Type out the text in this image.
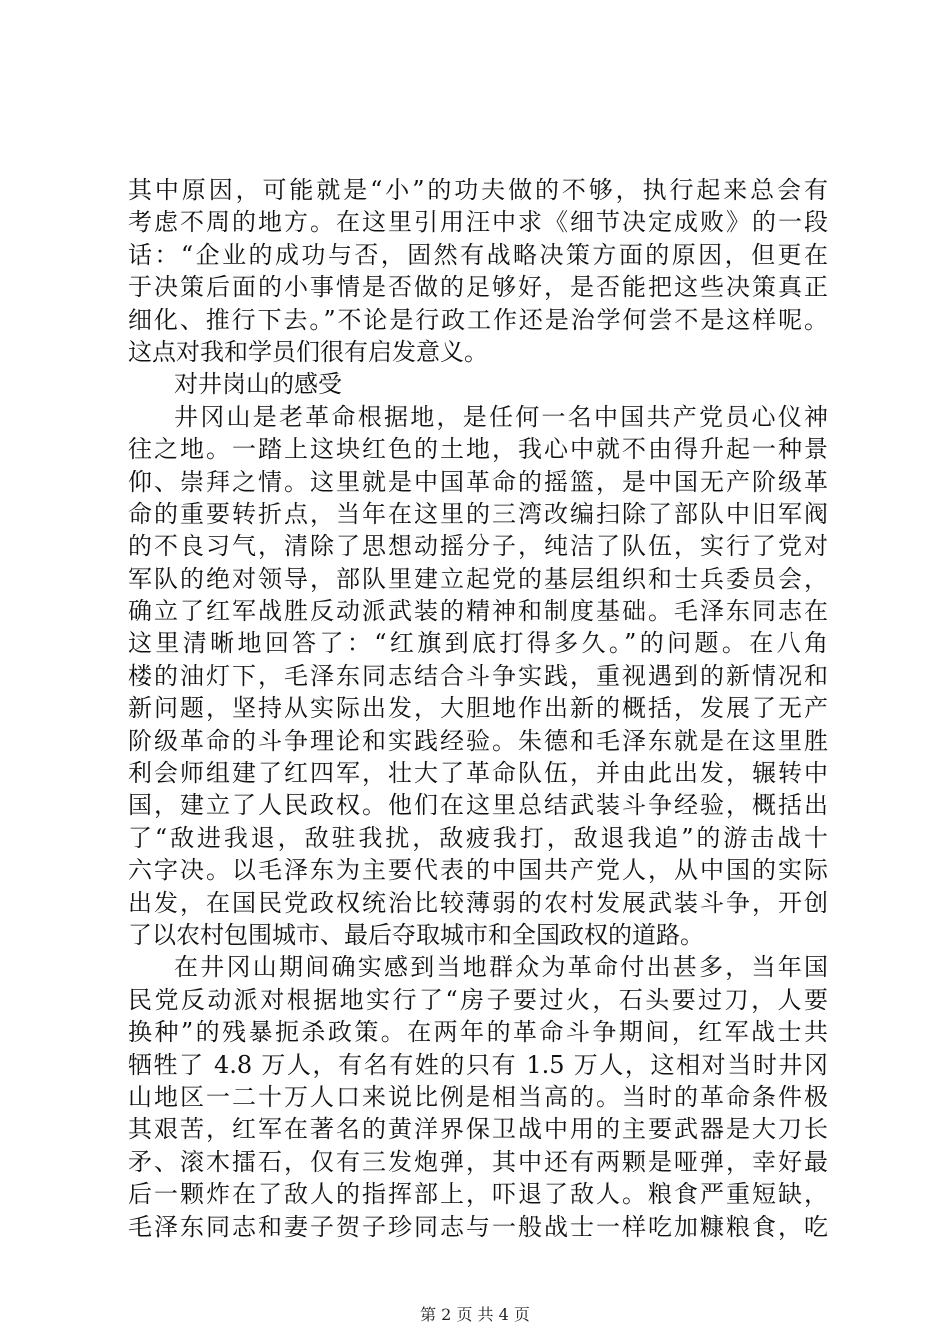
其中原因，可能就是“小”的功夫做的不够，执行起来总会有
考虑不周的地方。在这里引用汪中求《细节决定成败》的一段
话：“企业的成功与否，固然有战略决策方面的原因，但更在
于决策后面的小事情是否做的足够好，是否能把这些决策真正
细化、推行下去。”不论是行政工作还是治学何尝不是这样呢。
这点对我和学员们很有启发意义。
对井岗山的感受
井冈山是老革命根据地，是任何一名中国共产党员心仪神
往之地。一踏上这块红色的土地，我心中就不由得升起一种景
仰、崇拜之情。这里就是中国革命的摇篮，是中国无产阶级革
命的重要转折点，当年在这里的三湾改编扫除了部队中旧军阀
的不良习气，清除了思想动摇分子，纯洁了队伍，实行了党对
军队的绝对领导，部队里建立起党的基层组织和士兵委员会，
确立了红军战胜反动派武装的精神和制度基础。毛泽东同志在
这里清晰地回答了：“红旗到底打得多久。”的问题。在八角
楼的油灯下，毛泽东同志结合斗争实践，重视遇到的新情况和
新问题，坚持从实际出发，大胆地作出新的概括，发展了无产
阶级革命的斗争理论和实践经验。朱德和毛泽东就是在这里胜
利会师组建了红四军，壮大了革命队伍，并由此出发，辗转中
国，建立了人民政权。他们在这里总结武装斗争经验，概括出
了“敌进我退，敌驻我扰，敌疲我打，敌退我追”的游击战十
六字决。以毛泽东为主要代表的中国共产党人，从中国的实际
出发，在国民党政权统治比较薄弱的农村发展武装斗争，开创
了以农村包围城市、最后夺取城市和全国政权的道路。
在井冈山期间确实感到当地群众为革命付出甚多，当年国
民党反动派对根据地实行了“房子要过火，石头要过刀，人要
换种”的残暴扼杀政策。在两年的革命斗争期间，红军战士共
牺牲了 4.8 万人，有名有姓的只有 1.5 万人，这相对当时井冈
山地区一二十万人口来说比例是相当高的。当时的革命条件极
其艰苦，红军在著名的黄洋界保卫战中用的主要武器是大刀长
矛、滚木擂石，仅有三发炮弹，其中还有两颗是哑弹，幸好最
后一颗炸在了敌人的指挥部上，吓退了敌人。粮食严重短缺，
毛泽东同志和妻子贺子珍同志与一般战士一样吃加糠粮食，吃
第 2 页 共 4 页
